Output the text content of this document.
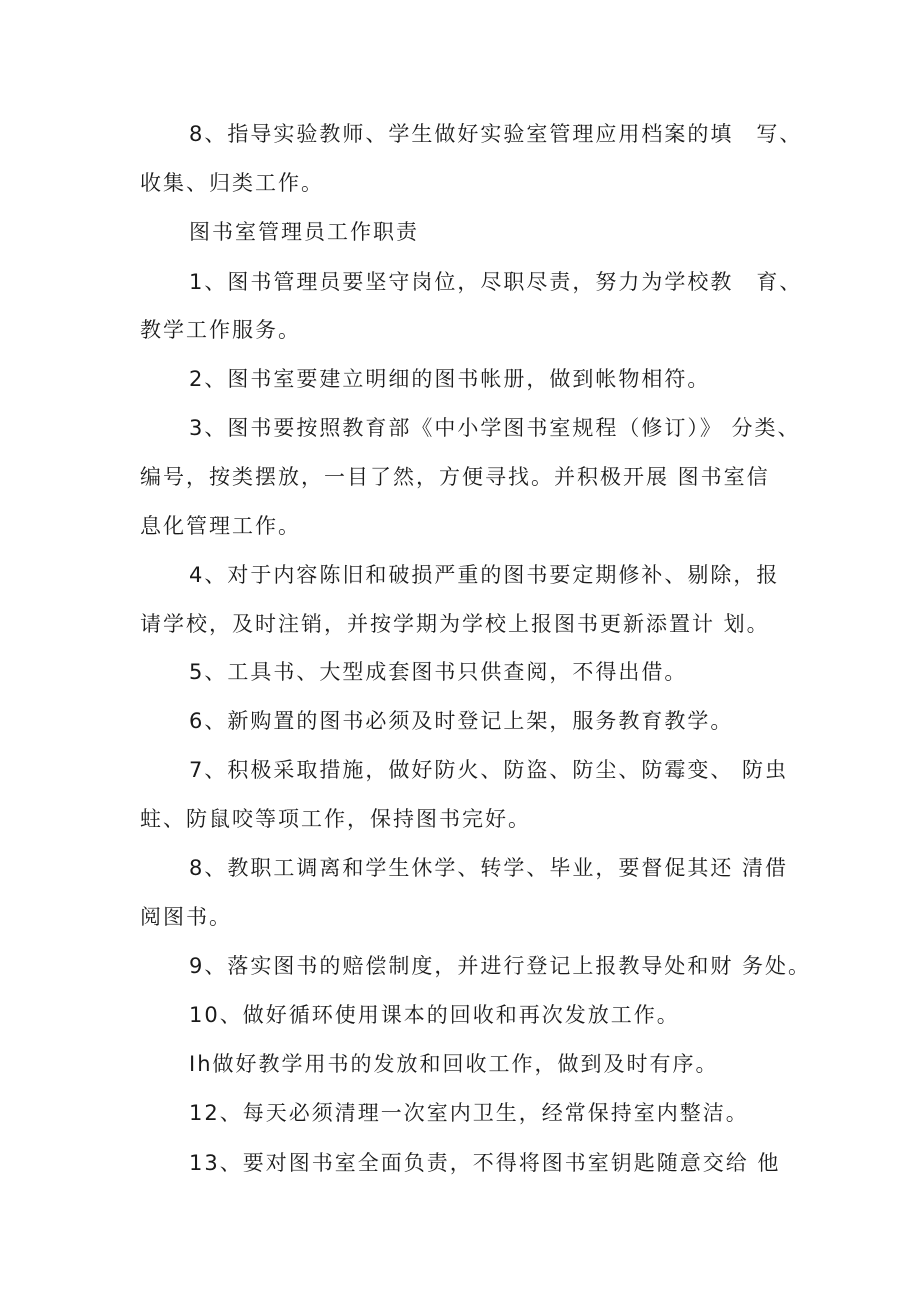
8、指导实验教师、学生做好实验室管理应用档案的填　写、
收集、归类工作。
图书室管理员工作职责
1、图书管理员要坚守岗位，尽职尽责，努力为学校教　育、
教学工作服务。
2、图书室要建立明细的图书帐册，做到帐物相符。
3、图书要按照教育部《中小学图书室规程（修订）》 分类、
编号，按类摆放，一目了然，方便寻找。并积极开展 图书室信
息化管理工作。
4、对于内容陈旧和破损严重的图书要定期修补、剔除，报
请学校，及时注销，并按学期为学校上报图书更新添置计 划。
5、工具书、大型成套图书只供查阅，不得出借。
6、新购置的图书必须及时登记上架，服务教育教学。
7、积极采取措施，做好防火、防盗、防尘、防霉变、 防虫
蛀、防鼠咬等项工作，保持图书完好。
8、教职工调离和学生休学、转学、毕业，要督促其还 清借
阅图书。
9、落实图书的赔偿制度，并进行登记上报教导处和财 务处。
10、做好循环使用课本的回收和再次发放工作。
Ih做好教学用书的发放和回收工作，做到及时有序。
12、每天必须清理一次室内卫生，经常保持室内整洁。
13、要对图书室全面负责，不得将图书室钥匙随意交给 他
